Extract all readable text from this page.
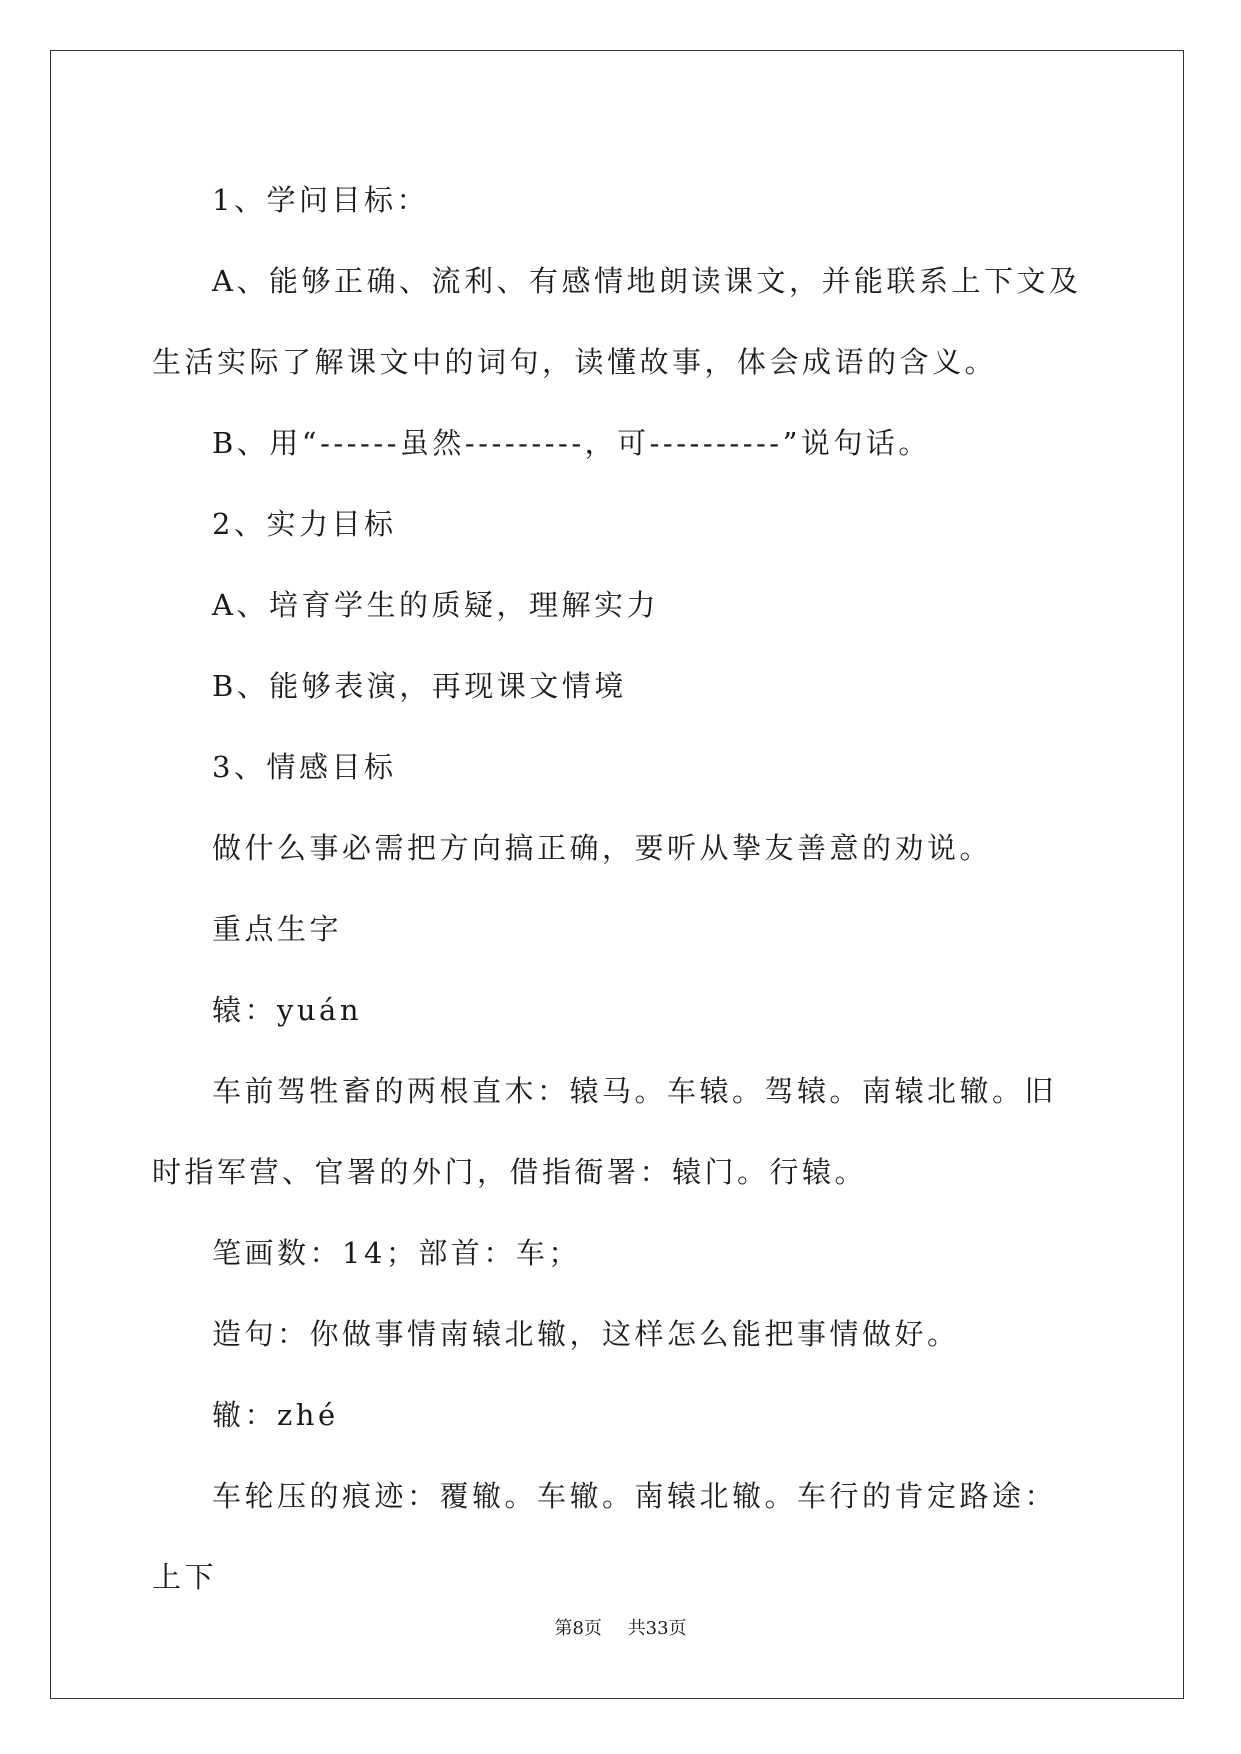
1、学问目标：

A、能够正确、流利、有感情地朗读课文，并能联系上下文及生活实际了解课文中的词句，读懂故事，体会成语的含义。

B、用“------虽然---------，可----------”说句话。

2、实力目标

A、培育学生的质疑，理解实力

B、能够表演，再现课文情境

3、情感目标

做什么事必需把方向搞正确，要听从挚友善意的劝说。

重点生字

辕：yuán

车前驾牲畜的两根直木：辕马。车辕。驾辕。南辕北辙。旧时指军营、官署的外门，借指衙署：辕门。行辕。

笔画数：14；部首：车；

造句：你做事情南辕北辙，这样怎么能把事情做好。

辙：zhé

车轮压的痕迹：覆辙。车辙。南辕北辙。车行的肯定路途：上下

第8页 共33页
